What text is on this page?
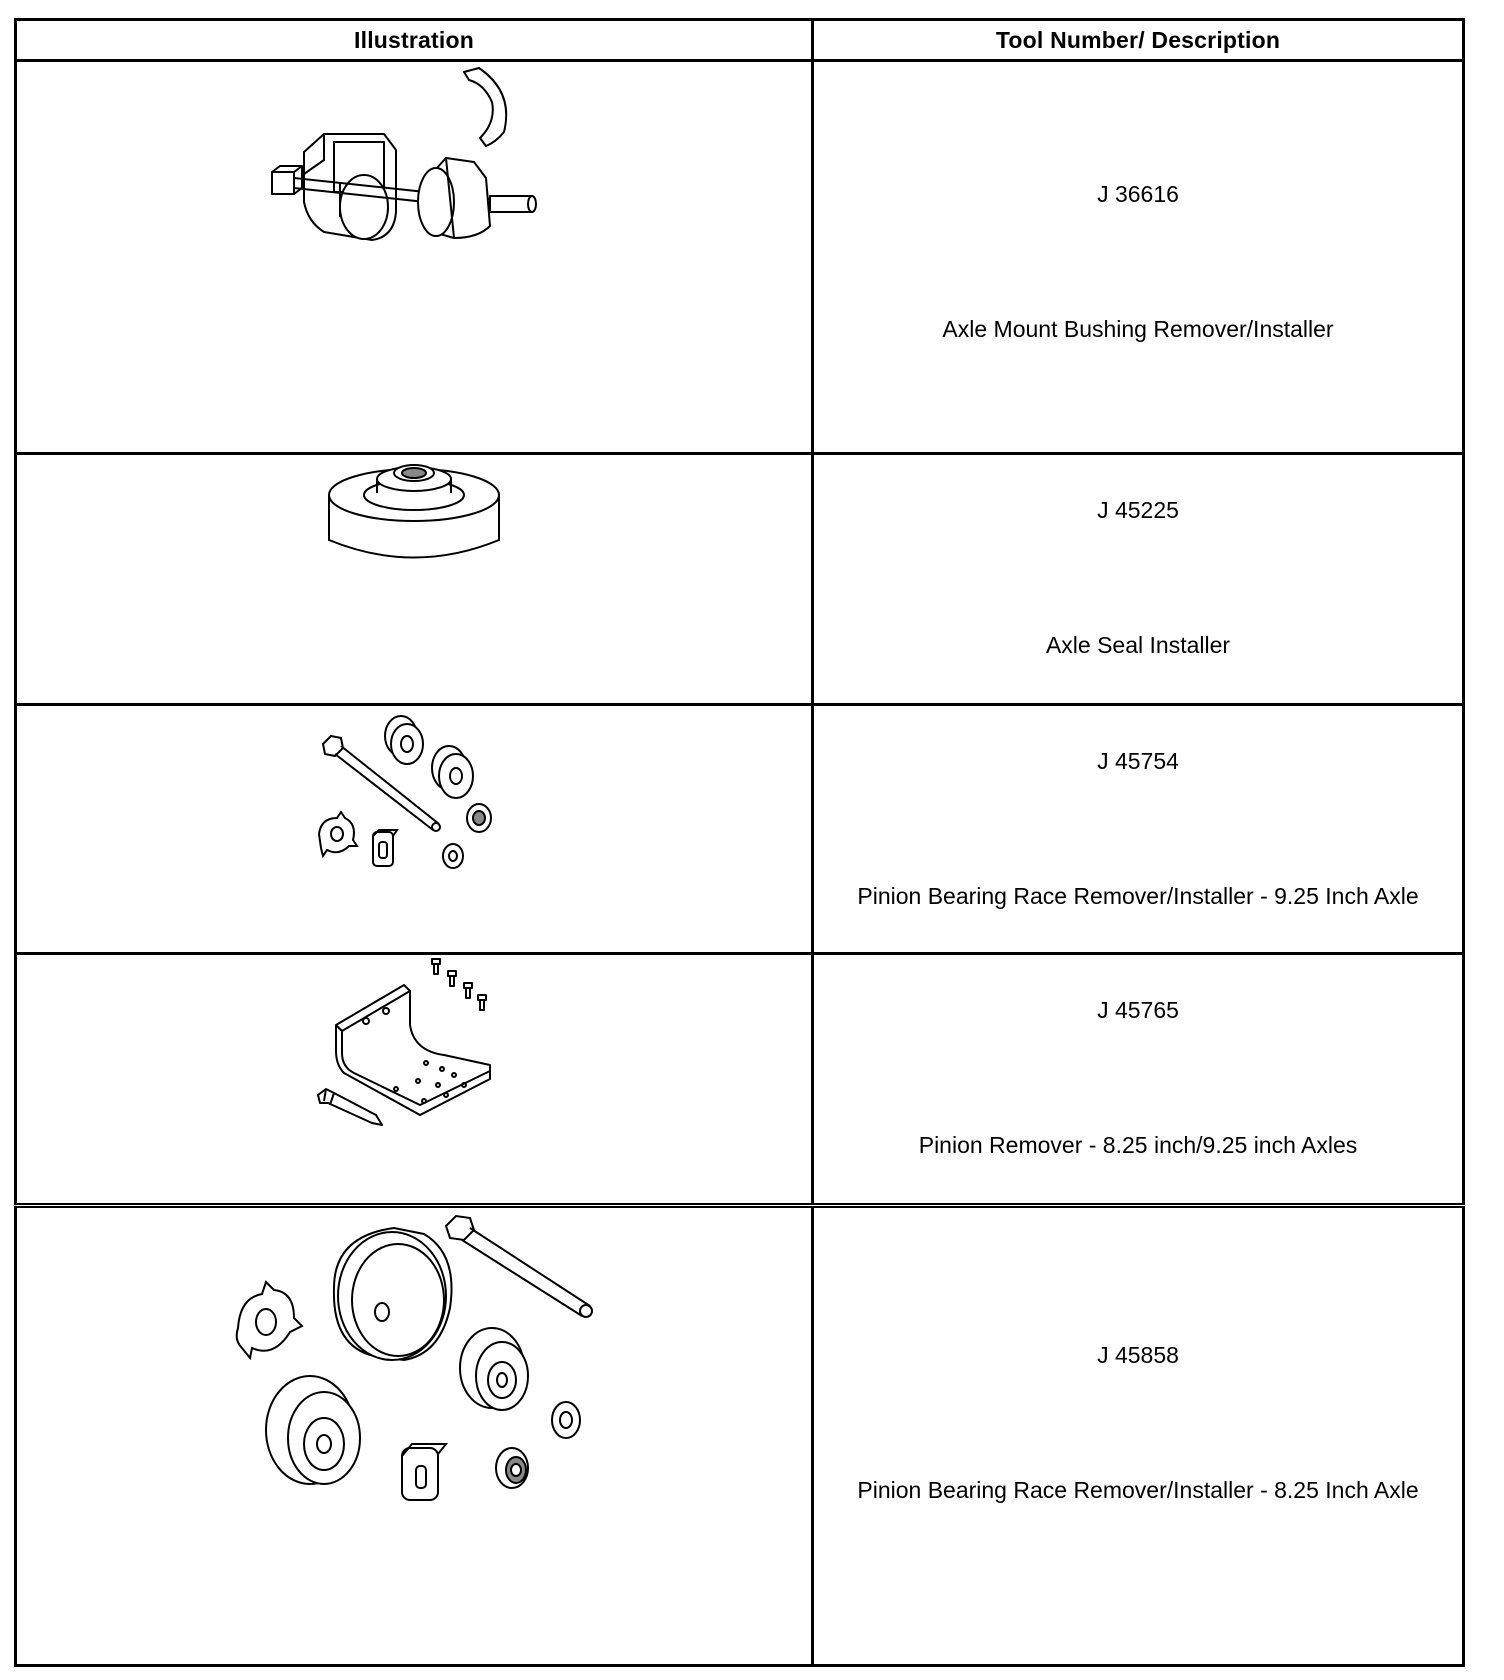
Illustration	Tool Number/ Description

J 36616
Axle Mount Bushing Remover/Installer

J 45225
Axle Seal Installer

J 45754
Pinion Bearing Race Remover/Installer - 9.25 Inch Axle

J 45765
Pinion Remover - 8.25 inch/9.25 inch Axles

J 45858
Pinion Bearing Race Remover/Installer - 8.25 Inch Axle
